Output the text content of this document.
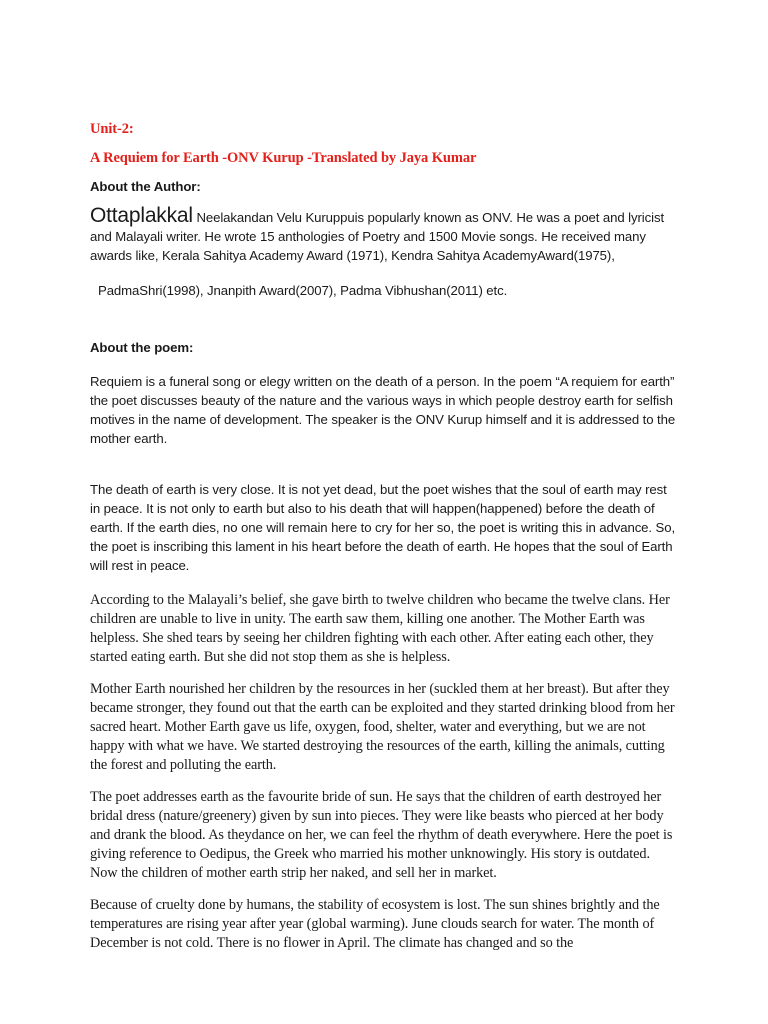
Unit-2:

A Requiem for Earth -ONV Kurup -Translated by Jaya Kumar

About the Author:

Ottaplakkal Neelakandan Velu Kuruppuis popularly known as ONV. He was a poet and lyricist and Malayali writer. He wrote 15 anthologies of Poetry and 1500 Movie songs. He received many awards like, Kerala Sahitya Academy Award (1971), Kendra Sahitya AcademyAward(1975),

PadmaShri(1998), Jnanpith Award(2007), Padma Vibhushan(2011) etc.

About the poem:

Requiem is a funeral song or elegy written on the death of a person. In the poem “A requiem for earth” the poet discusses beauty of the nature and the various ways in which people destroy earth for selfish motives in the name of development. The speaker is the ONV Kurup himself and it is addressed to the mother earth.

The death of earth is very close. It is not yet dead, but the poet wishes that the soul of earth may rest in peace. It is not only to earth but also to his death that will happen(happened) before the death of earth. If the earth dies, no one will remain here to cry for her so, the poet is writing this in advance. So, the poet is inscribing this lament in his heart before the death of earth. He hopes that the soul of Earth will rest in peace.

According to the Malayali’s belief, she gave birth to twelve children who became the twelve clans. Her children are unable to live in unity. The earth saw them, killing one another. The Mother Earth was helpless. She shed tears by seeing her children fighting with each other. After eating each other, they started eating earth. But she did not stop them as she is helpless.

Mother Earth nourished her children by the resources in her (suckled them at her breast). But after they became stronger, they found out that the earth can be exploited and they started drinking blood from her sacred heart. Mother Earth gave us life, oxygen, food, shelter, water and everything, but we are not happy with what we have. We started destroying the resources of the earth, killing the animals, cutting the forest and polluting the earth.

The poet addresses earth as the favourite bride of sun. He says that the children of earth destroyed her bridal dress (nature/greenery) given by sun into pieces. They were like beasts who pierced at her body and drank the blood. As theydance on her, we can feel the rhythm of death everywhere. Here the poet is giving reference to Oedipus, the Greek who married his mother unknowingly. His story is outdated. Now the children of mother earth strip her naked, and sell her in market.

Because of cruelty done by humans, the stability of ecosystem is lost. The sun shines brightly and the temperatures are rising year after year (global warming). June clouds search for water. The month of December is not cold. There is no flower in April. The climate has changed and so the
